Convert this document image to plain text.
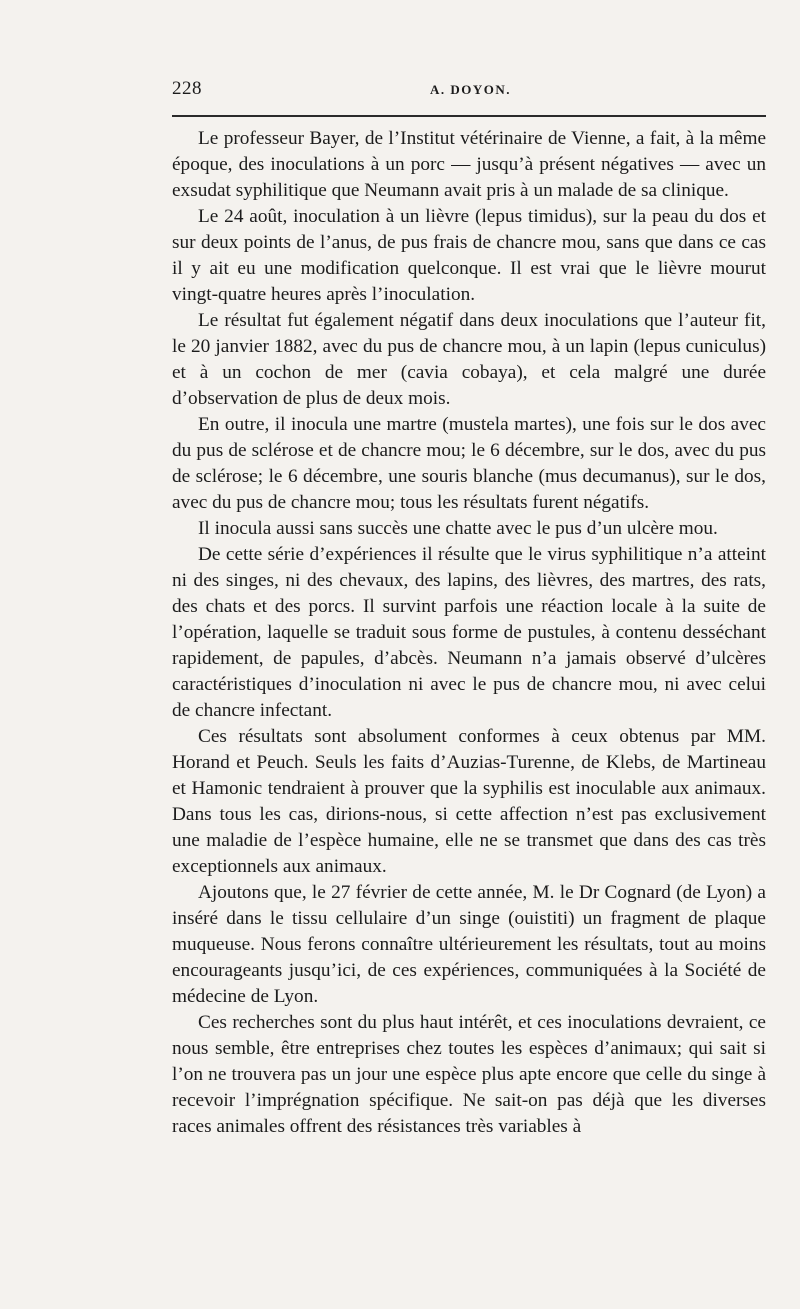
228	A. DOYON.

Le professeur Bayer, de l’Institut vétérinaire de Vienne, a fait, à la même époque, des inoculations à un porc — jusqu’à présent négatives — avec un exsudat syphilitique que Neumann avait pris à un malade de sa clinique.

Le 24 août, inoculation à un lièvre (lepus timidus), sur la peau du dos et sur deux points de l’anus, de pus frais de chancre mou, sans que dans ce cas il y ait eu une modification quelconque. Il est vrai que le lièvre mourut vingt-quatre heures après l’inoculation.

Le résultat fut également négatif dans deux inoculations que l’auteur fit, le 20 janvier 1882, avec du pus de chancre mou, à un lapin (lepus cuniculus) et à un cochon de mer (cavia cobaya), et cela malgré une durée d’observation de plus de deux mois.

En outre, il inocula une martre (mustela martes), une fois sur le dos avec du pus de sclérose et de chancre mou; le 6 décembre, sur le dos, avec du pus de sclérose; le 6 décembre, une souris blanche (mus decumanus), sur le dos, avec du pus de chancre mou; tous les résultats furent négatifs.

Il inocula aussi sans succès une chatte avec le pus d’un ulcère mou.

De cette série d’expériences il résulte que le virus syphilitique n’a atteint ni des singes, ni des chevaux, des lapins, des lièvres, des martres, des rats, des chats et des porcs. Il survint parfois une réaction locale à la suite de l’opération, laquelle se traduit sous forme de pustules, à contenu desséchant rapidement, de papules, d’abcès. Neumann n’a jamais observé d’ulcères caractéristiques d’inoculation ni avec le pus de chancre mou, ni avec celui de chancre infectant.

Ces résultats sont absolument conformes à ceux obtenus par MM. Horand et Peuch. Seuls les faits d’Auzias-Turenne, de Klebs, de Martineau et Hamonic tendraient à prouver que la syphilis est inoculable aux animaux. Dans tous les cas, dirions-nous, si cette affection n’est pas exclusivement une maladie de l’espèce humaine, elle ne se transmet que dans des cas très exceptionnels aux animaux.

Ajoutons que, le 27 février de cette année, M. le Dr Cognard (de Lyon) a inséré dans le tissu cellulaire d’un singe (ouistiti) un fragment de plaque muqueuse. Nous ferons connaître ultérieurement les résultats, tout au moins encourageants jusqu’ici, de ces expériences, communiquées à la Société de médecine de Lyon.

Ces recherches sont du plus haut intérêt, et ces inoculations devraient, ce nous semble, être entreprises chez toutes les espèces d’animaux; qui sait si l’on ne trouvera pas un jour une espèce plus apte encore que celle du singe à recevoir l’imprégnation spécifique. Ne sait-on pas déjà que les diverses races animales offrent des résistances très variables à
